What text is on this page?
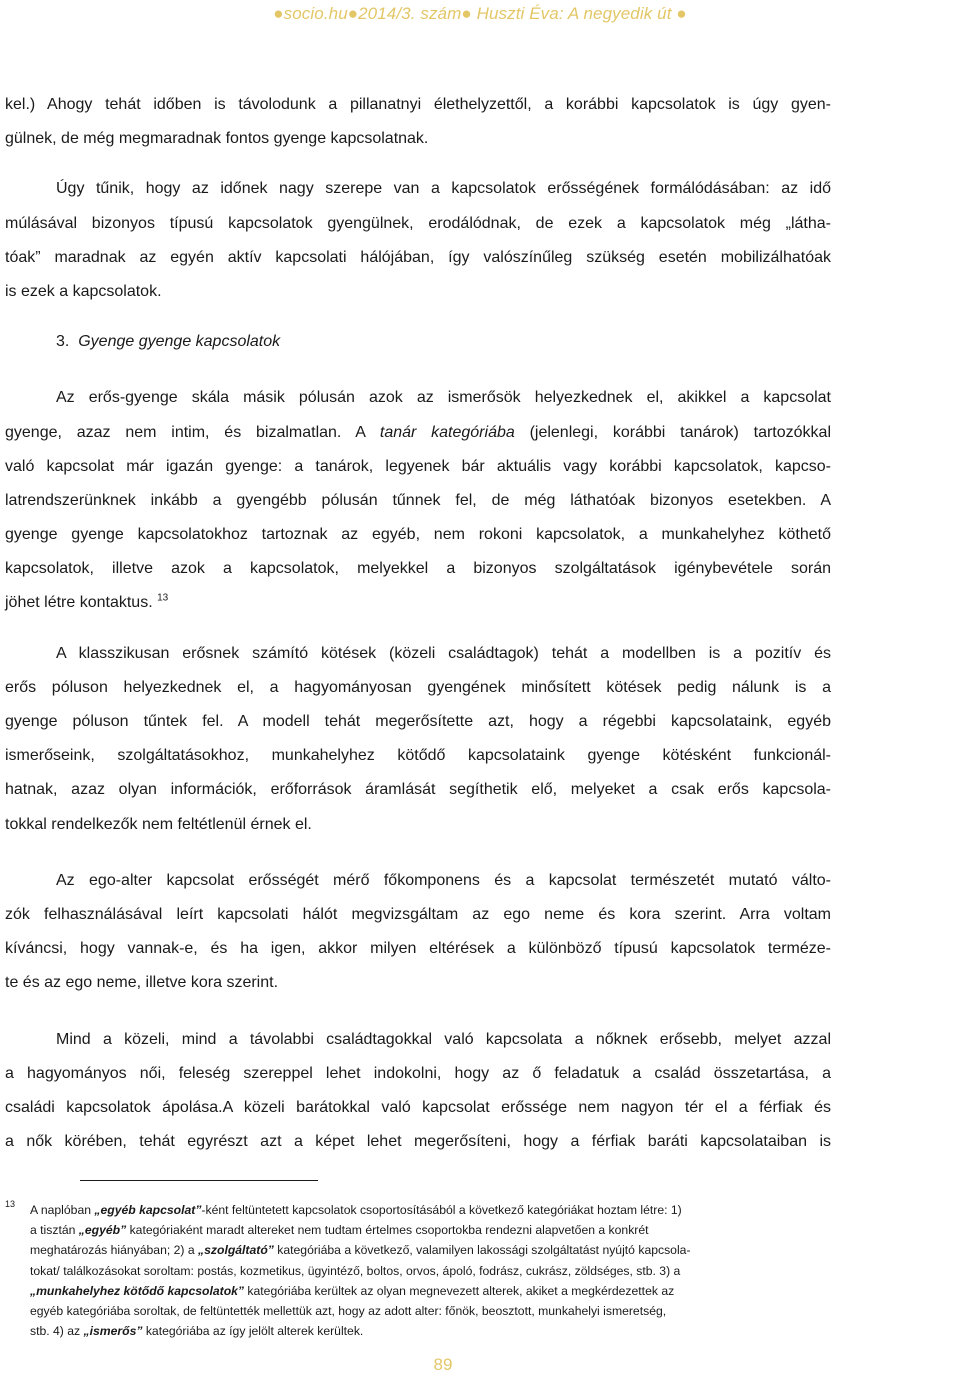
●socio.hu●2014/3. szám● Huszti Éva: A negyedik út ●
kel.) Ahogy tehát időben is távolodunk a pillanatnyi élethelyzettől, a korábbi kapcsolatok is úgy gyen-
gülnek, de még megmaradnak fontos gyenge kapcsolatnak.
Úgy tűnik, hogy az időnek nagy szerepe van a kapcsolatok erősségének formálódásában: az idő
múlásával bizonyos típusú kapcsolatok gyengülnek, erodálódnak, de ezek a kapcsolatok még „látha-
tóak” maradnak az egyén aktív kapcsolati hálójában, így valószínűleg szükség esetén mobilizálhatóak
is ezek a kapcsolatok.
3. Gyenge gyenge kapcsolatok
Az erős-gyenge skála másik pólusán azok az ismerősök helyezkednek el, akikkel a kapcsolat
gyenge, azaz nem intim, és bizalmatlan. A tanár kategóriába (jelenlegi, korábbi tanárok) tartozókkal
való kapcsolat már igazán gyenge: a tanárok, legyenek bár aktuális vagy korábbi kapcsolatok, kapcso-
latrendszerünknek inkább a gyengébb pólusán tűnnek fel, de még láthatóak bizonyos esetekben. A
gyenge gyenge kapcsolatokhoz tartoznak az egyéb, nem rokoni kapcsolatok, a munkahelyhez köthető
kapcsolatok, illetve azok a kapcsolatok, melyekkel a bizonyos szolgáltatások igénybevétele során
jöhet létre kontaktus. $^{13}$
A klasszikusan erősnek számító kötések (közeli családtagok) tehát a modellben is a pozitív és
erős póluson helyezkednek el, a hagyományosan gyengének minősített kötések pedig nálunk is a
gyenge póluson tűntek fel. A modell tehát megerősítette azt, hogy a régebbi kapcsolataink, egyéb
ismerőseink, szolgáltatásokhoz, munkahelyhez kötődő kapcsolataink gyenge kötésként funkcionál-
hatnak, azaz olyan információk, erőforrások áramlását segíthetik elő, melyeket a csak erős kapcsola-
tokkal rendelkezők nem feltétlenül érnek el.
Az ego-alter kapcsolat erősségét mérő főkomponens és a kapcsolat természetét mutató válto-
zók felhasználásával leírt kapcsolati hálót megvizsgáltam az ego neme és kora szerint. Arra voltam
kíváncsi, hogy vannak-e, és ha igen, akkor milyen eltérések a különböző típusú kapcsolatok terméze-
te és az ego neme, illetve kora szerint.
Mind a közeli, mind a távolabbi családtagokkal való kapcsolata a nőknek erősebb, melyet azzal
a hagyományos női, feleség szereppel lehet indokolni, hogy az ő feladatuk a család összetartása, a
családi kapcsolatok ápolása.A közeli barátokkal való kapcsolat erőssége nem nagyon tér el a férfiak és
a nők körében, tehát egyrészt azt a képet lehet megerősíteni, hogy a férfiak baráti kapcsolataiban is
13 A naplóban „egyéb kapcsolat”-ként feltüntetett kapcsolatok csoportosításából a következő kategóriákat hoztam létre: 1)
a tisztán „egyéb” kategóriaként maradt altereket nem tudtam értelmes csoportokba rendezni alapvetően a konkrét
meghatározás hiányában; 2) a „szolgáltató” kategóriába a következő, valamilyen lakossági szolgáltatást nyújtó kapcsola-
tokat/ találkozásokat soroltam: postás, kozmetikus, ügyintéző, boltos, orvos, ápoló, fodrász, cukrász, zöldséges, stb. 3) a
„munkahelyhez kötődő kapcsolatok” kategóriába kerültek az olyan megnevezett alterek, akiket a megkérdezettek az
egyéb kategóriába soroltak, de feltüntették mellettük azt, hogy az adott alter: főnök, beosztott, munkahelyi ismeretség,
stb. 4) az „ismerős” kategóriába az így jelölt alterek kerültek.
89
